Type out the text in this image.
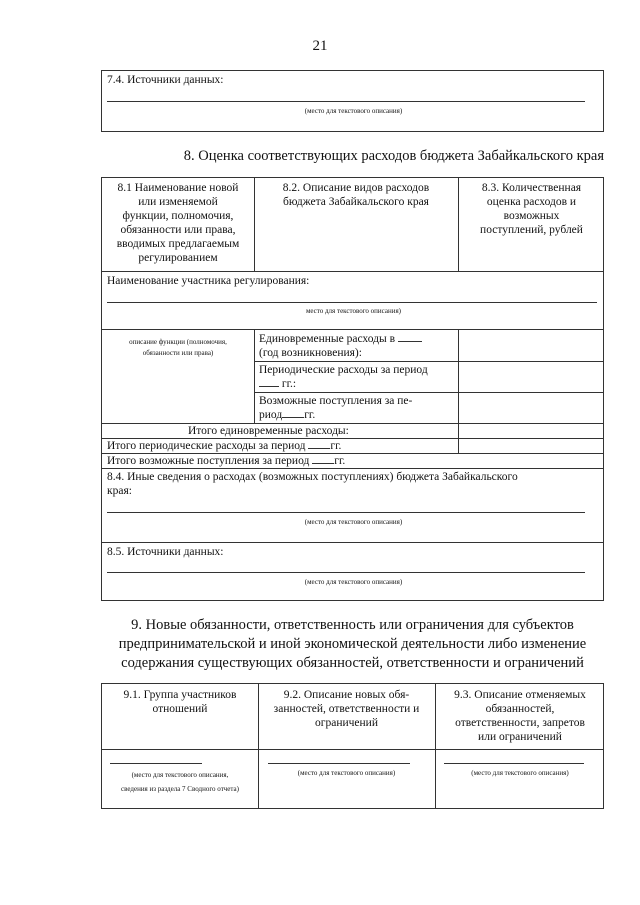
21
7.4. Источники данных:
(место для текстового описания)
8. Оценка соответствующих расходов бюджета Забайкальского края
8.1 Наименование новой
или изменяемой
функции, полномочия,
обязанности или права,
вводимых предлагаемым
регулированием
8.2. Описание видов расходов
бюджета Забайкальского края
8.3. Количественная
оценка расходов и
возможных
поступлений, рублей
Наименование участника регулирования:
место для текстового описания)
описание функции (полномочия,
обязанности или права)
Единовременные расходы в
(год возникновения):
Периодические расходы за период
гг.:
Возможные поступления за пе-
риод гг.
Итого единовременные расходы:
Итого периодические расходы за период гг.
Итого возможные поступления за период гг.
8.4. Иные сведения о расходах (возможных поступлениях) бюджета Забайкальского
края:
(место для текстового описания)
8.5. Источники данных:
(место для текстового описания)
9. Новые обязанности, ответственность или ограничения для субъектов
предпринимательской и иной экономической деятельности либо изменение
содержания существующих обязанностей, ответственности и ограничений
9.1. Группа участников
отношений
9.2. Описание новых обя-
занностей, ответственности и
ограничений
9.3. Описание отменяемых
обязанностей,
ответственности, запретов
или ограничений
(место для текстового описания,
сведения из раздела 7 Сводного отчета)
(место для текстового описания)	(место для текстового описания)
